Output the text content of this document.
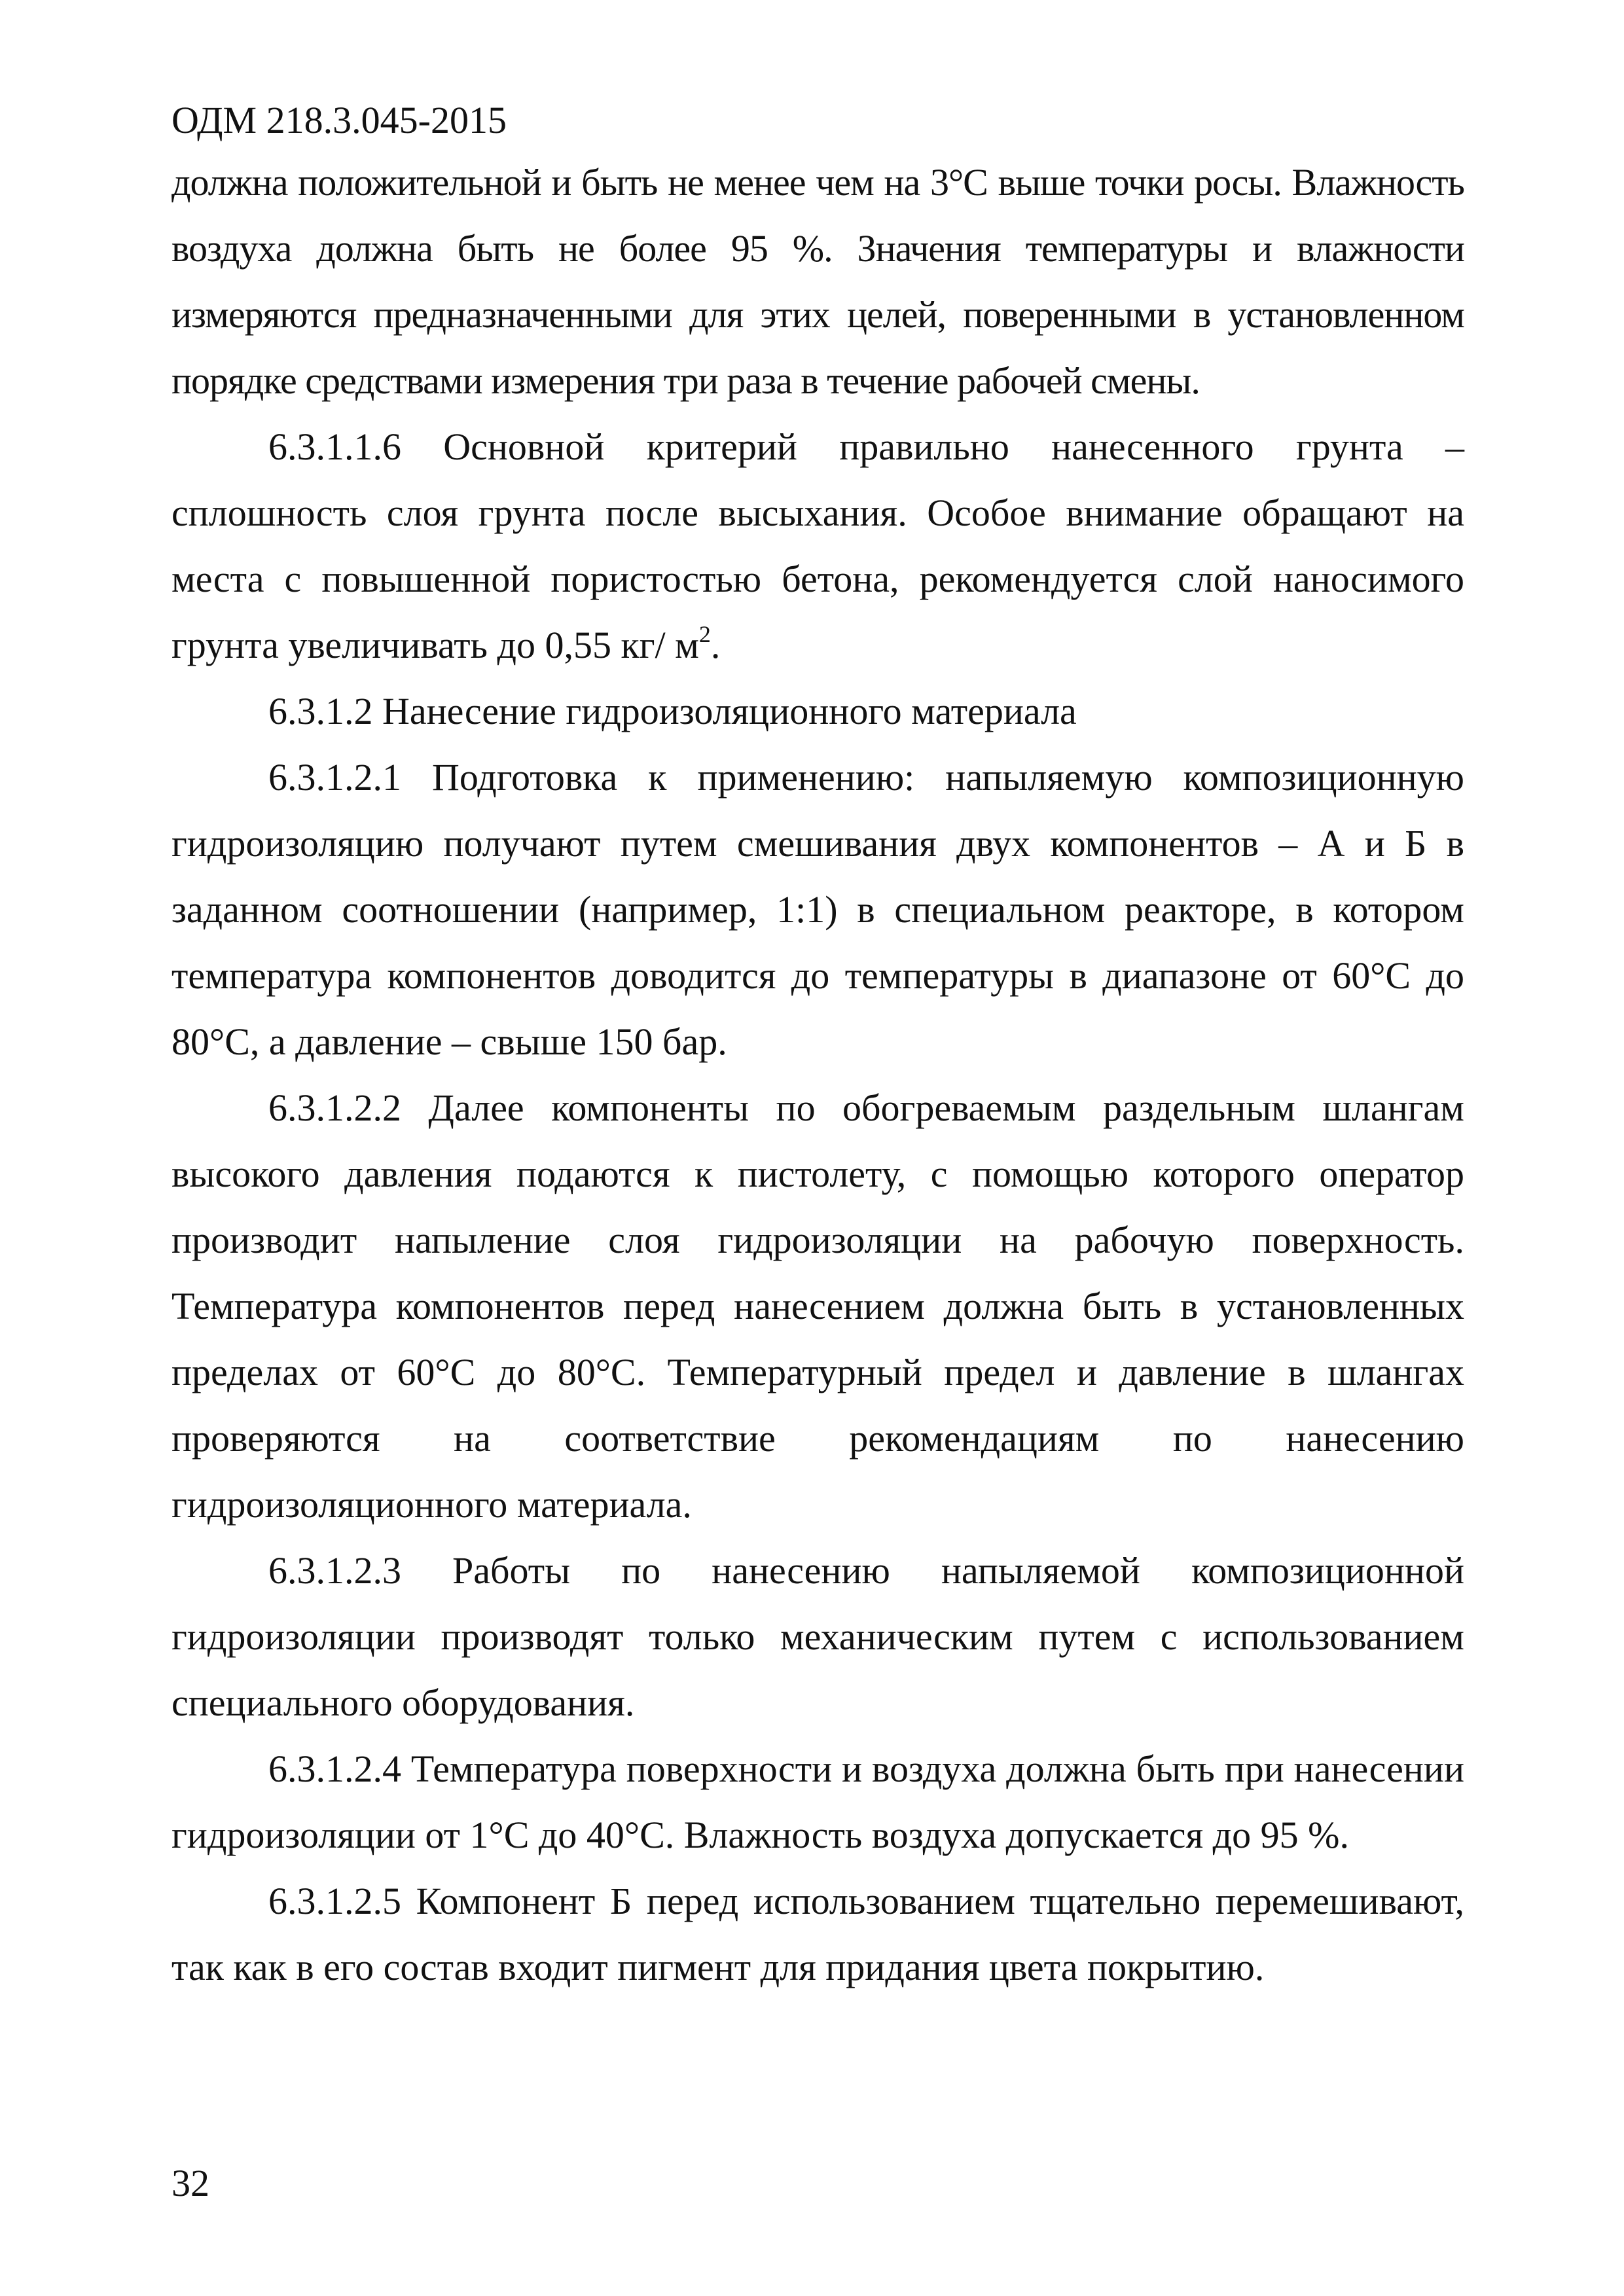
ОДМ 218.3.045-2015

должна положительной и быть не менее чем на 3°С выше точки росы. Влажность воздуха должна быть не более 95 %. Значения температуры и влажности измеряются предназначенными для этих целей, поверенными в установленном порядке средствами измерения три раза в течение рабочей смены.

6.3.1.1.6 Основной критерий правильно нанесенного грунта – сплошность слоя грунта после высыхания. Особое внимание обращают на места с повышенной пористостью бетона, рекомендуется слой наносимого грунта увеличивать до 0,55 кг/ $м^2$.

6.3.1.2 Нанесение гидроизоляционного материала

6.3.1.2.1 Подготовка к применению: напыляемую композиционную гидроизоляцию получают путем смешивания двух компонентов – А и Б в заданном соотношении (например, 1:1) в специальном реакторе, в котором температура компонентов доводится до температуры в диапазоне от 60°С до 80°С, а давление – свыше 150 бар.

6.3.1.2.2 Далее компоненты по обогреваемым раздельным шлангам высокого давления подаются к пистолету, с помощью которого оператор производит напыление слоя гидроизоляции на рабочую поверхность. Температура компонентов перед нанесением должна быть в установленных пределах от 60°С до 80°С. Температурный предел и давление в шлангах проверяются на соответствие рекомендациям по нанесению гидроизоляционного материала.

6.3.1.2.3 Работы по нанесению напыляемой композиционной гидроизоляции производят только механическим путем с использованием специального оборудования.

6.3.1.2.4 Температура поверхности и воздуха должна быть при нанесении гидроизоляции от 1°С до 40°С. Влажность воздуха допускается до 95 %.

6.3.1.2.5 Компонент Б перед использованием тщательно перемешивают, так как в его состав входит пигмент для придания цвета покрытию.

32
